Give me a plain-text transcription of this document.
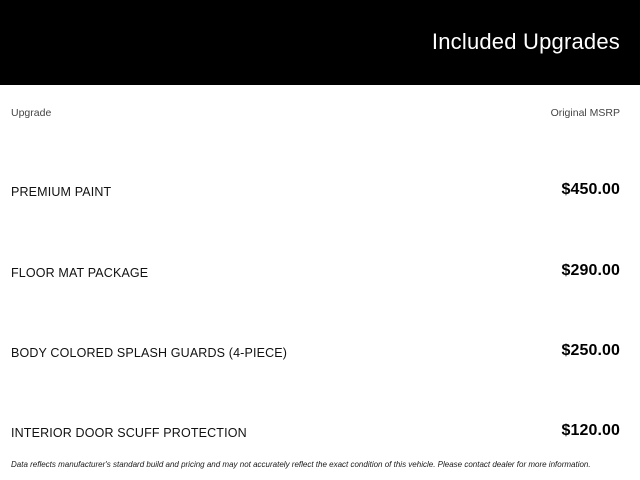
Included Upgrades
Upgrade	Original MSRP
PREMIUM PAINT	$450.00
FLOOR MAT PACKAGE	$290.00
BODY COLORED SPLASH GUARDS (4-PIECE)	$250.00
INTERIOR DOOR SCUFF PROTECTION	$120.00
Data reflects manufacturer's standard build and pricing and may not accurately reflect the exact condition of this vehicle. Please contact dealer for more information.
